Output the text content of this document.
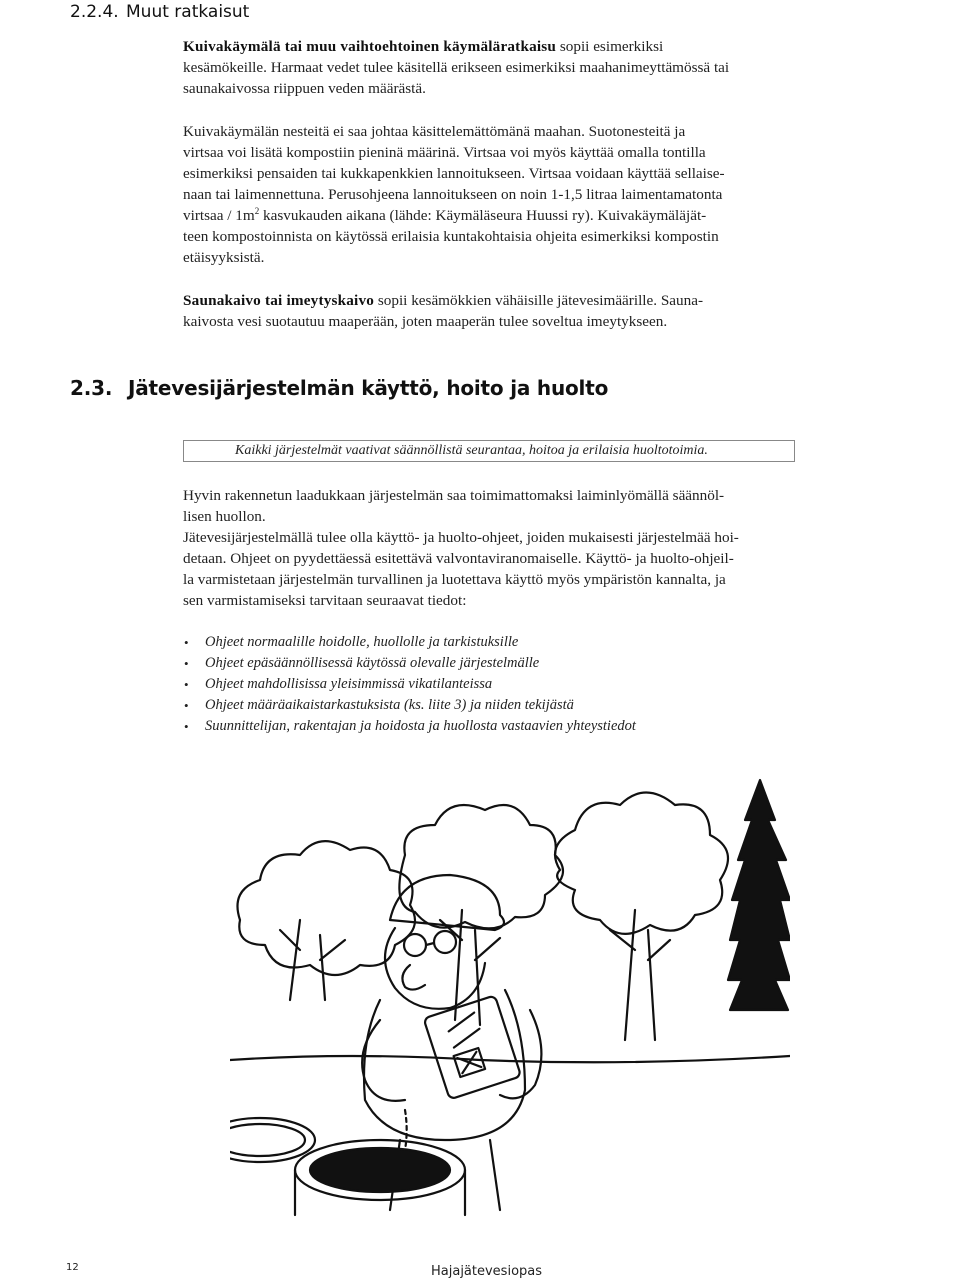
2.2.4. Muut ratkaisut

Kuivakäymälä tai muu vaihtoehtoinen käymäläratkaisu sopii esimerkiksi

kesämökeille. Harmaat vedet tulee käsitellä erikseen esimerkiksi maahanimeyttämössä tai

saunakaivossa riippuen veden määrästä.

Kuivakäymälän nesteitä ei saa johtaa käsittelemättömänä maahan. Suotonesteitä ja

virtsaa voi lisätä kompostiin pieninä määrinä. Virtsaa voi myös käyttää omalla tontilla

esimerkiksi pensaiden tai kukkapenkkien lannoitukseen. Virtsaa voidaan käyttää sellaise-

naan tai laimennettuna. Perusohjeena lannoitukseen on noin 1-1,5 litraa laimentamatonta

virtsaa / $1m^2$ kasvukauden aikana (lähde: Käymäläseura Huussi ry). Kuivakäymäläjät-

teen kompostoinnista on käytössä erilaisia kuntakohtaisia ohjeita esimerkiksi kompostin

etäisyyksistä.

Saunakaivo tai imeytyskaivo sopii kesämökkien vähäisille jätevesimäärille. Sauna-

kaivosta vesi suotautuu maaperään, joten maaperän tulee soveltua imeytykseen.

2.3. Jätevesijärjestelmän käyttö, hoito ja huolto
Kaikki järjestelmät vaativat säännöllistä seurantaa, hoitoa ja erilaisia huoltotoimia.

Hyvin rakennetun laadukkaan järjestelmän saa toimimattomaksi laiminlyömällä säännöl-

lisen huollon.

Jätevesijärjestelmällä tulee olla käyttö- ja huolto-ohjeet, joiden mukaisesti järjestelmää hoi-

detaan. Ohjeet on pyydettäessä esitettävä valvontaviranomaiselle. Käyttö- ja huolto-ohjeil-

la varmistetaan järjestelmän turvallinen ja luotettava käyttö myös ympäristön kannalta, ja

sen varmistamiseksi tarvitaan seuraavat tiedot:

• Ohjeet normaalille hoidolle, huollolle ja tarkistuksille
• Ohjeet epäsäännöllisessä käytössä olevalle järjestelmälle
• Ohjeet mahdollisissa yleisimmissä vikatilanteissa
• Ohjeet määräaikaistarkastuksista (ks. liite 3) ja niiden tekijästä
• Suunnittelijan, rakentajan ja hoidosta ja huollosta vastaavien yhteystiedot
12	Hajajätevesiopas
